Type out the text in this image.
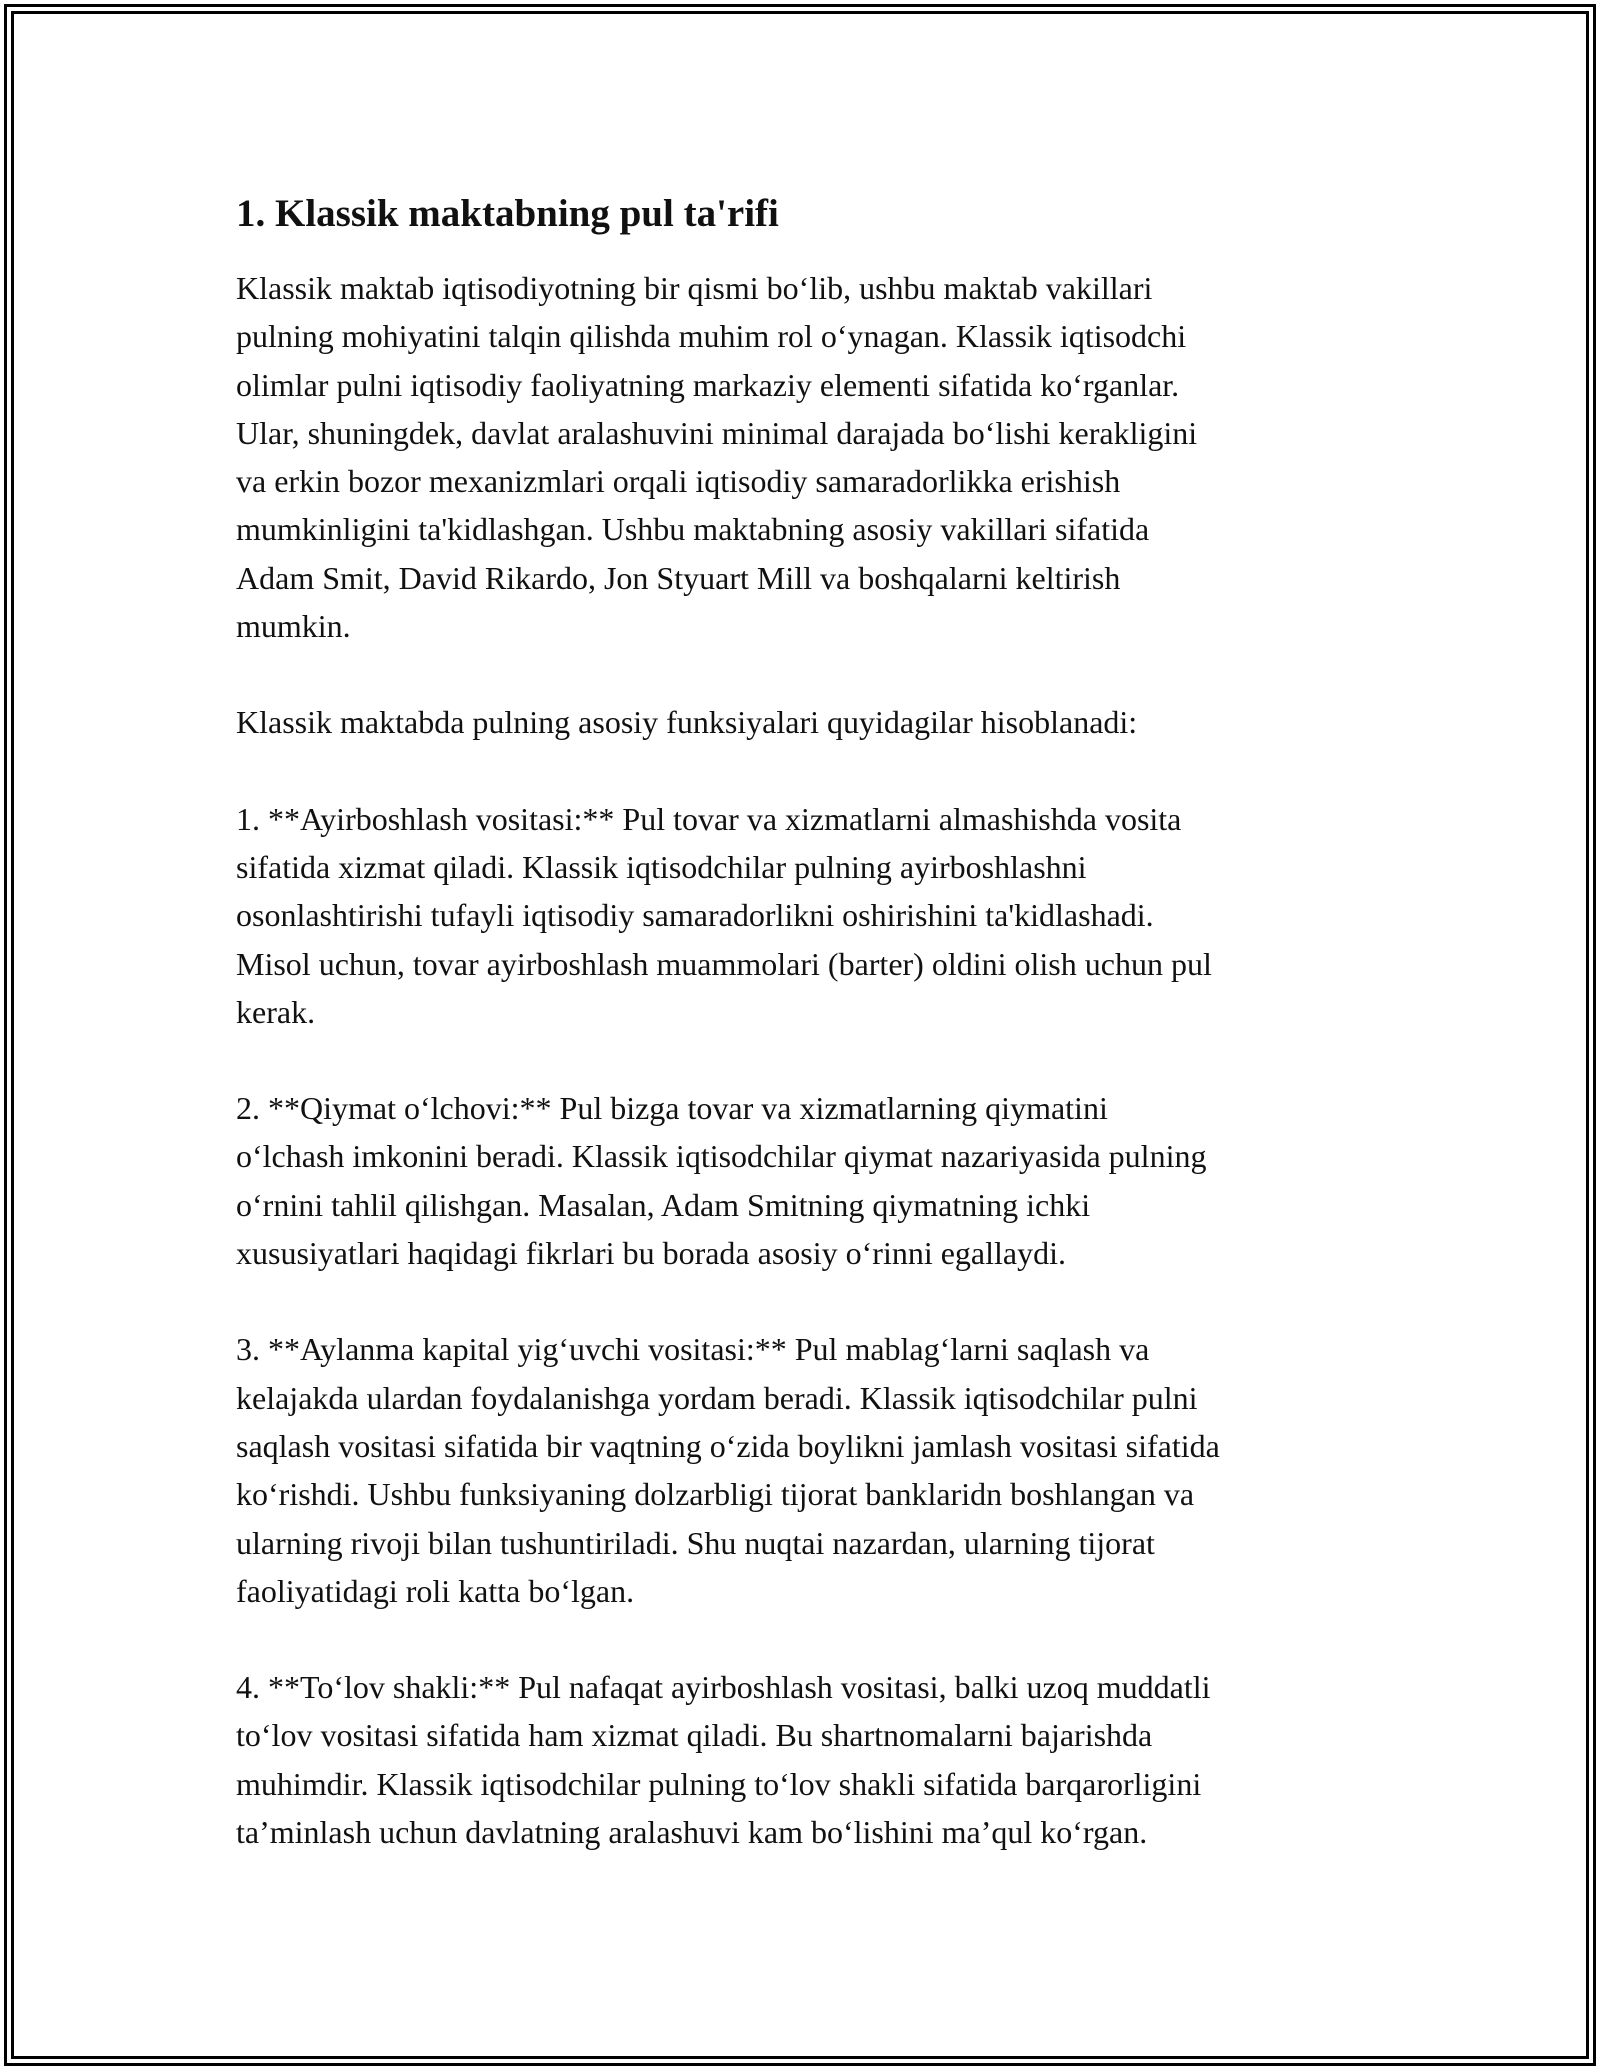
1. Klassik maktabning pul ta'rifi

Klassik maktab iqtisodiyotning bir qismi bo‘lib, ushbu maktab vakillari
pulning mohiyatini talqin qilishda muhim rol o‘ynagan. Klassik iqtisodchi
olimlar pulni iqtisodiy faoliyatning markaziy elementi sifatida ko‘rganlar.
Ular, shuningdek, davlat aralashuvini minimal darajada bo‘lishi kerakligini
va erkin bozor mexanizmlari orqali iqtisodiy samaradorlikka erishish
mumkinligini ta'kidlashgan. Ushbu maktabning asosiy vakillari sifatida
Adam Smit, David Rikardo, Jon Styuart Mill va boshqalarni keltirish
mumkin.

Klassik maktabda pulning asosiy funksiyalari quyidagilar hisoblanadi:

1. **Ayirboshlash vositasi:** Pul tovar va xizmatlarni almashishda vosita
sifatida xizmat qiladi. Klassik iqtisodchilar pulning ayirboshlashni
osonlashtirishi tufayli iqtisodiy samaradorlikni oshirishini ta'kidlashadi.
Misol uchun, tovar ayirboshlash muammolari (barter) oldini olish uchun pul
kerak.

2. **Qiymat o‘lchovi:** Pul bizga tovar va xizmatlarning qiymatini
o‘lchash imkonini beradi. Klassik iqtisodchilar qiymat nazariyasida pulning
o‘rnini tahlil qilishgan. Masalan, Adam Smitning qiymatning ichki
xususiyatlari haqidagi fikrlari bu borada asosiy o‘rinni egallaydi.

3. **Aylanma kapital yig‘uvchi vositasi:** Pul mablag‘larni saqlash va
kelajakda ulardan foydalanishga yordam beradi. Klassik iqtisodchilar pulni
saqlash vositasi sifatida bir vaqtning o‘zida boylikni jamlash vositasi sifatida
ko‘rishdi. Ushbu funksiyaning dolzarbligi tijorat banklaridn boshlangan va
ularning rivoji bilan tushuntiriladi. Shu nuqtai nazardan, ularning tijorat
faoliyatidagi roli katta bo‘lgan.

4. **To‘lov shakli:** Pul nafaqat ayirboshlash vositasi, balki uzoq muddatli
to‘lov vositasi sifatida ham xizmat qiladi. Bu shartnomalarni bajarishda
muhimdir. Klassik iqtisodchilar pulning to‘lov shakli sifatida barqarorligini
ta’minlash uchun davlatning aralashuvi kam bo‘lishini ma’qul ko‘rgan.
